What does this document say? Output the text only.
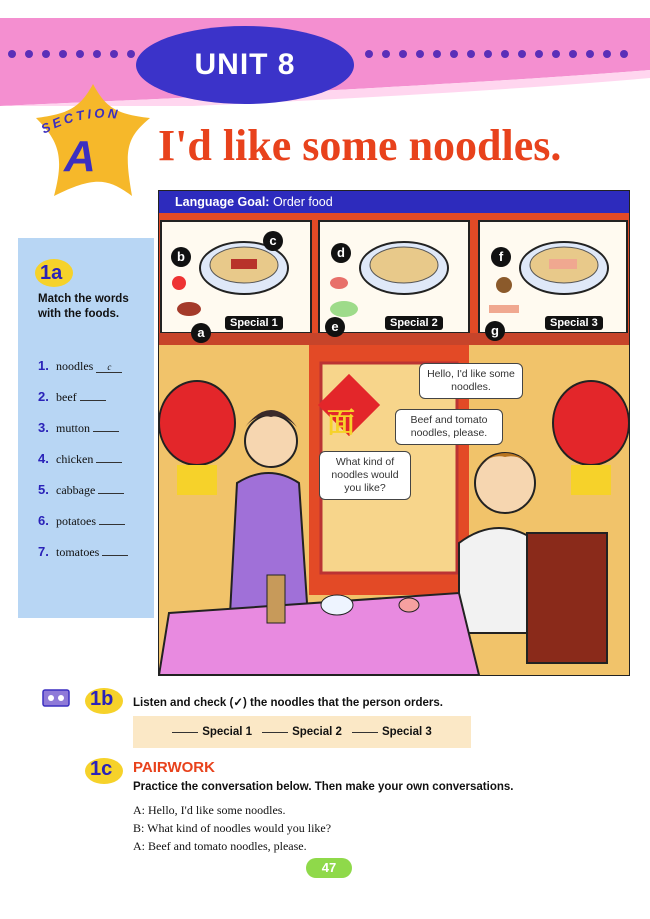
UNIT 8
SECTION
A I'd like some noodles.
1a
Match the words with the foods.
1. noodles	c
2. beef
3. mutton
4. chicken
5. cabbage
6. potatoes
7. tomatoes
Language Goal: Order food
Special 1	Special 2	Special 3
a
b
c
d
e
f
g
面
Hello, I'd like some noodles.
Beef and tomato noodles, please.
What kind of noodles would you like?
1b Listen and check (✓) the noodles that the person orders.
Special 1	Special 2	Special 3
1c PAIRWORK
Practice the conversation below. Then make your own conversations.
A: Hello, I'd like some noodles.
B: What kind of noodles would you like?
A: Beef and tomato noodles, please.
47
